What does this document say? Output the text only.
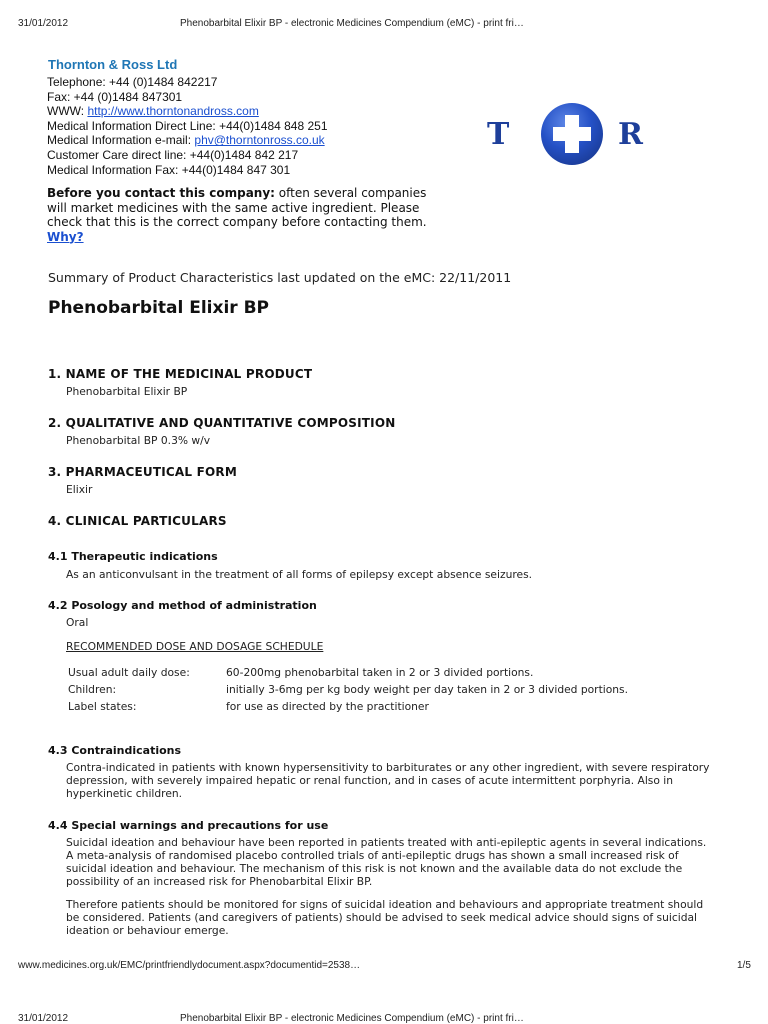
31/01/2012	Phenobarbital Elixir BP - electronic Medicines Compendium (eMC) - print fri…
Thornton & Ross Ltd
Telephone: +44 (0)1484 842217
Fax: +44 (0)1484 847301
WWW: http://www.thorntonandross.com
Medical Information Direct Line: +44(0)1484 848 251
Medical Information e-mail: phv@thorntonross.co.uk
Customer Care direct line: +44(0)1484 842 217
Medical Information Fax: +44(0)1484 847 301
Before you contact this company: often several companies will market medicines with the same active ingredient. Please check that this is the correct company before contacting them. Why?
T	R
Summary of Product Characteristics last updated on the eMC: 22/11/2011
Phenobarbital Elixir BP
1. NAME OF THE MEDICINAL PRODUCT
Phenobarbital Elixir BP
2. QUALITATIVE AND QUANTITATIVE COMPOSITION
Phenobarbital BP 0.3% w/v
3. PHARMACEUTICAL FORM
Elixir
4. CLINICAL PARTICULARS
4.1 Therapeutic indications
As an anticonvulsant in the treatment of all forms of epilepsy except absence seizures.
4.2 Posology and method of administration
Oral
RECOMMENDED DOSE AND DOSAGE SCHEDULE
Usual adult daily dose:	60-200mg phenobarbital taken in 2 or 3 divided portions.
Children:	initially 3-6mg per kg body weight per day taken in 2 or 3 divided portions.
Label states:	for use as directed by the practitioner
4.3 Contraindications
Contra-indicated in patients with known hypersensitivity to barbiturates or any other ingredient, with severe respiratory depression, with severely impaired hepatic or renal function, and in cases of acute intermittent porphyria. Also in hyperkinetic children.
4.4 Special warnings and precautions for use
Suicidal ideation and behaviour have been reported in patients treated with anti-epileptic agents in several indications. A meta-analysis of randomised placebo controlled trials of anti-epileptic drugs has shown a small increased risk of suicidal ideation and behaviour. The mechanism of this risk is not known and the available data do not exclude the possibility of an increased risk for Phenobarbital Elixir BP.
Therefore patients should be monitored for signs of suicidal ideation and behaviours and appropriate treatment should be considered. Patients (and caregivers of patients) should be advised to seek medical advice should signs of suicidal ideation or behaviour emerge.
www.medicines.org.uk/EMC/printfriendlydocument.aspx?documentid=2538…	1/5
31/01/2012	Phenobarbital Elixir BP - electronic Medicines Compendium (eMC) - print fri…
